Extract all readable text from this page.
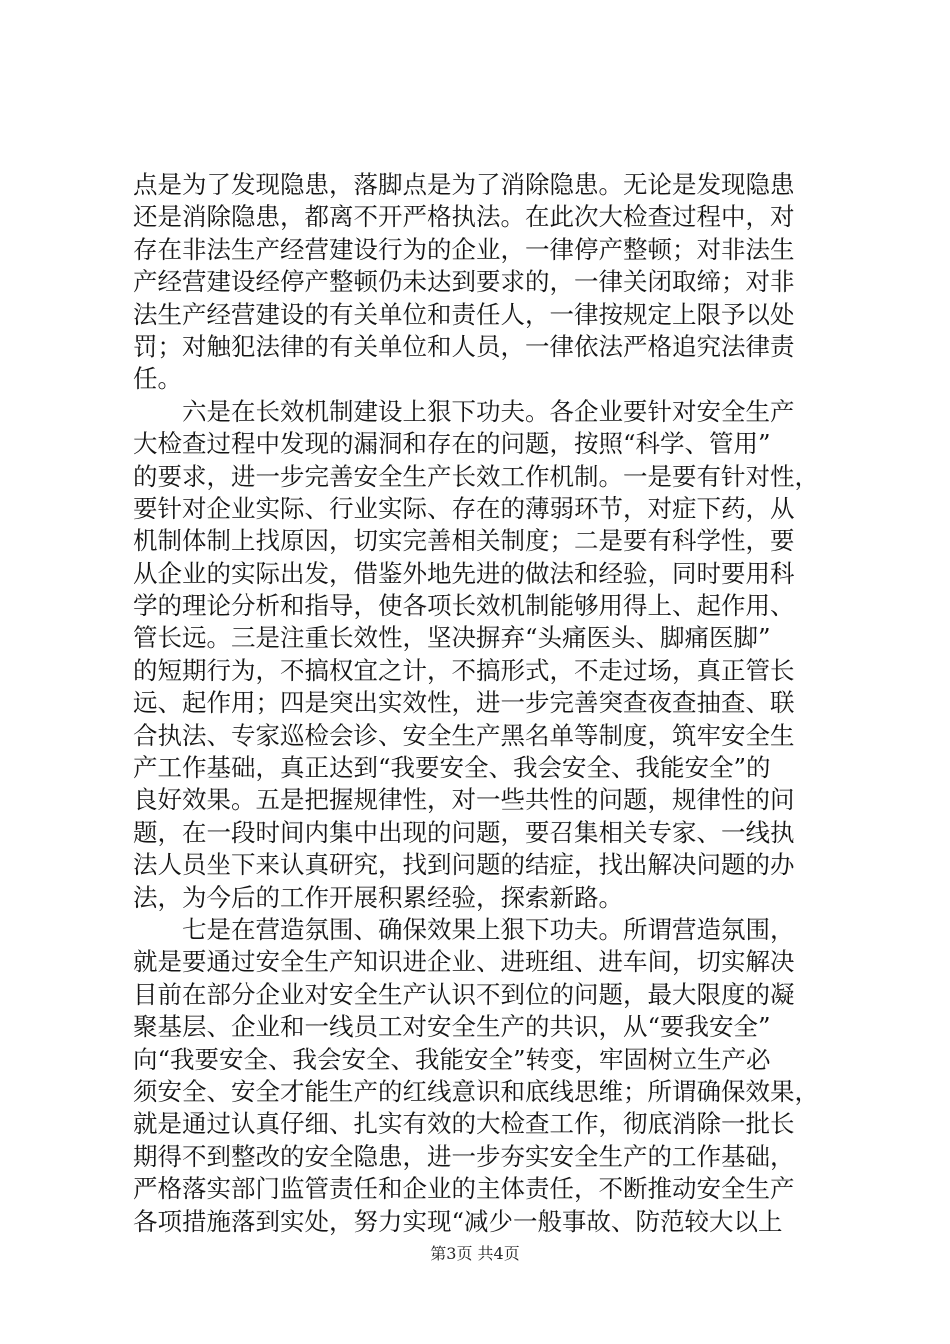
点是为了发现隐患，落脚点是为了消除隐患。无论是发现隐患
还是消除隐患，都离不开严格执法。在此次大检查过程中，对
存在非法生产经营建设行为的企业，一律停产整顿；对非法生
产经营建设经停产整顿仍未达到要求的，一律关闭取缔；对非
法生产经营建设的有关单位和责任人，一律按规定上限予以处
罚；对触犯法律的有关单位和人员，一律依法严格追究法律责
任。
六是在长效机制建设上狠下功夫。各企业要针对安全生产
大检查过程中发现的漏洞和存在的问题，按照“科学、管用”
的要求，进一步完善安全生产长效工作机制。一是要有针对性，
要针对企业实际、行业实际、存在的薄弱环节，对症下药，从
机制体制上找原因，切实完善相关制度；二是要有科学性，要
从企业的实际出发，借鉴外地先进的做法和经验，同时要用科
学的理论分析和指导，使各项长效机制能够用得上、起作用、
管长远。三是注重长效性，坚决摒弃“头痛医头、脚痛医脚”
的短期行为，不搞权宜之计，不搞形式，不走过场，真正管长
远、起作用；四是突出实效性，进一步完善突查夜查抽查、联
合执法、专家巡检会诊、安全生产黑名单等制度，筑牢安全生
产工作基础，真正达到“我要安全、我会安全、我能安全”的
良好效果。五是把握规律性，对一些共性的问题，规律性的问
题，在一段时间内集中出现的问题，要召集相关专家、一线执
法人员坐下来认真研究，找到问题的结症，找出解决问题的办
法，为今后的工作开展积累经验，探索新路。
七是在营造氛围、确保效果上狠下功夫。所谓营造氛围，
就是要通过安全生产知识进企业、进班组、进车间，切实解决
目前在部分企业对安全生产认识不到位的问题，最大限度的凝
聚基层、企业和一线员工对安全生产的共识，从“要我安全”
向“我要安全、我会安全、我能安全”转变，牢固树立生产必
须安全、安全才能生产的红线意识和底线思维；所谓确保效果，
就是通过认真仔细、扎实有效的大检查工作，彻底消除一批长
期得不到整改的安全隐患，进一步夯实安全生产的工作基础，
严格落实部门监管责任和企业的主体责任，不断推动安全生产
各项措施落到实处，努力实现“减少一般事故、防范较大以上
第3页 共4页
